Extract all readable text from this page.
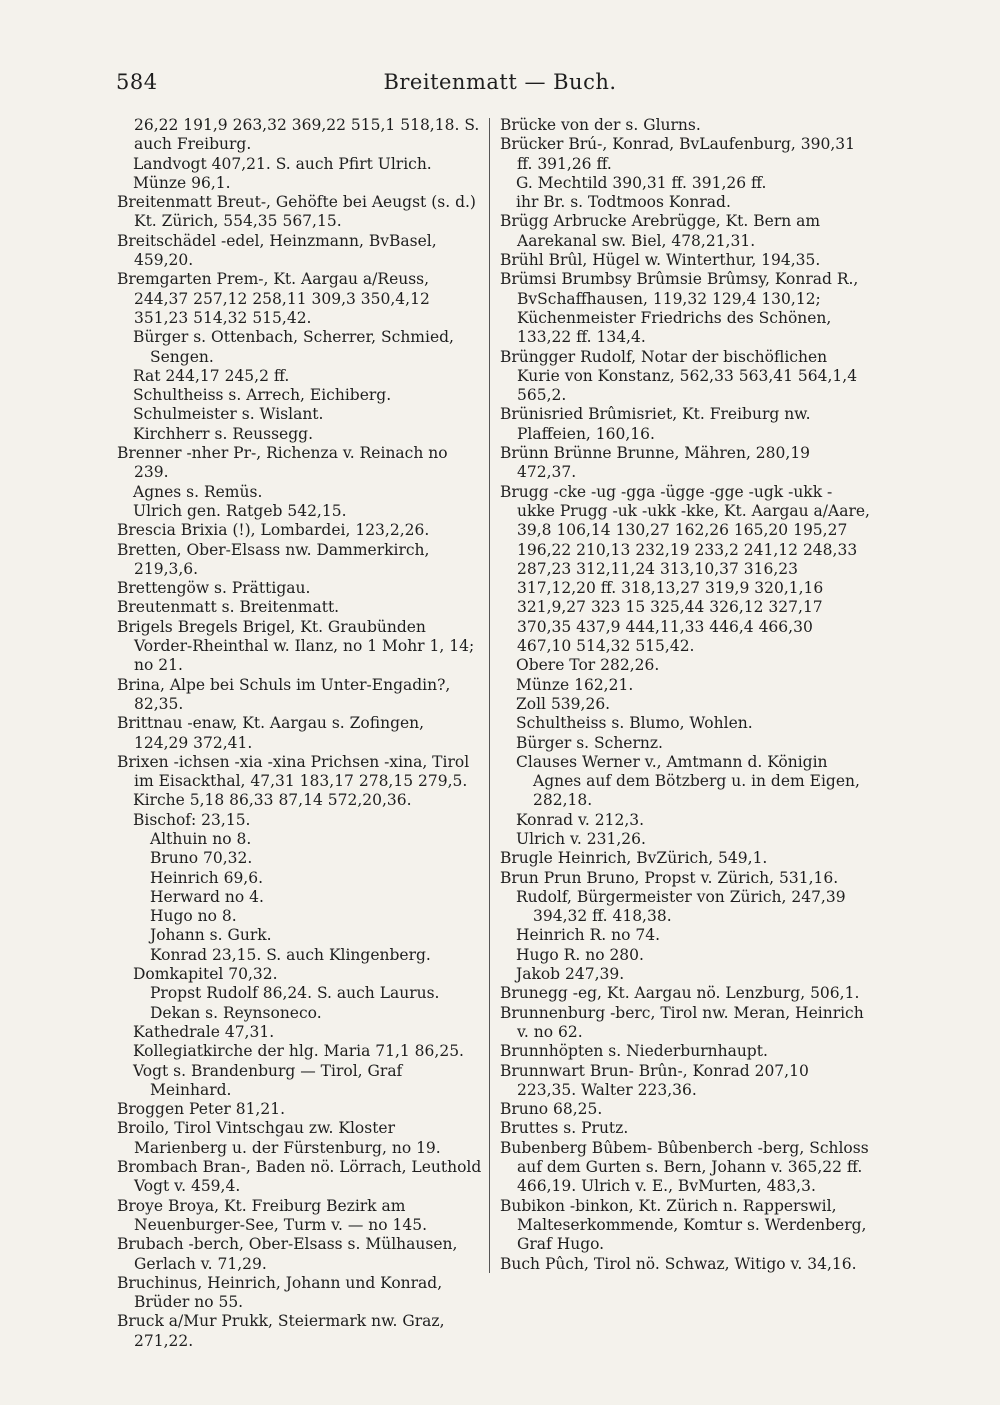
584	Breitenmatt — Buch.

26,22 191,9 263,32 369,22 515,1 518,18. S. auch Freiburg.

Landvogt 407,21. S. auch Pfirt Ulrich.

Münze 96,1.

Breitenmatt Breut-, Gehöfte bei Aeugst (s. d.) Kt. Zürich, 554,35 567,15.

Breitschädel -edel, Heinzmann, BvBasel, 459,20.

Bremgarten Prem-, Kt. Aargau a/Reuss, 244,37 257,12 258,11 309,3 350,4,12 351,23 514,32 515,42.

Bürger s. Ottenbach, Scherrer, Schmied, Sengen.

Rat 244,17 245,2 ff.

Schultheiss s. Arrech, Eichiberg.

Schulmeister s. Wislant.

Kirchherr s. Reussegg.

Brenner -nher Pr-, Richenza v. Reinach no 239.

Agnes s. Remüs.

Ulrich gen. Ratgeb 542,15.

Brescia Brixia (!), Lombardei, 123,2,26.

Bretten, Ober-Elsass nw. Dammerkirch, 219,3,6.

Brettengöw s. Prättigau.

Breutenmatt s. Breitenmatt.

Brigels Bregels Brigel, Kt. Graubünden Vorder-Rheinthal w. Ilanz, no 1 Mohr 1, 14; no 21.

Brina, Alpe bei Schuls im Unter-Engadin?, 82,35.

Brittnau -enaw, Kt. Aargau s. Zofingen, 124,29 372,41.

Brixen -ichsen -xia -xina Prichsen -xina, Tirol im Eisackthal, 47,31 183,17 278,15 279,5.

Kirche 5,18 86,33 87,14 572,20,36.

Bischof: 23,15.

Althuin no 8.

Bruno 70,32.

Heinrich 69,6.

Herward no 4.

Hugo no 8.

Johann s. Gurk.

Konrad 23,15. S. auch Klingenberg.

Domkapitel 70,32.

Propst Rudolf 86,24. S. auch Laurus.

Dekan s. Reynsoneco.

Kathedrale 47,31.

Kollegiatkirche der hlg. Maria 71,1 86,25.

Vogt s. Brandenburg — Tirol, Graf Meinhard.

Broggen Peter 81,21.

Broilo, Tirol Vintschgau zw. Kloster Marienberg u. der Fürstenburg, no 19.

Brombach Bran-, Baden nö. Lörrach, Leuthold Vogt v. 459,4.

Broye Broya, Kt. Freiburg Bezirk am Neuenburger-See, Turm v. — no 145.

Brubach -berch, Ober-Elsass s. Mülhausen, Gerlach v. 71,29.

Bruchinus, Heinrich, Johann und Konrad, Brüder no 55.

Bruck a/Mur Prukk, Steiermark nw. Graz, 271,22.

Brücke von der s. Glurns.

Brücker Brú-, Konrad, BvLaufenburg, 390,31 ff. 391,26 ff.

G. Mechtild 390,31 ff. 391,26 ff.

ihr Br. s. Todtmoos Konrad.

Brügg Arbrucke Arebrügge, Kt. Bern am Aarekanal sw. Biel, 478,21,31.

Brühl Brûl, Hügel w. Winterthur, 194,35.

Brümsi Brumbsy Brûmsie Brûmsy, Konrad R., BvSchaffhausen, 119,32 129,4 130,12; Küchenmeister Friedrichs des Schönen, 133,22 ff. 134,4.

Brüngger Rudolf, Notar der bischöflichen Kurie von Konstanz, 562,33 563,41 564,1,4 565,2.

Brünisried Brûmisriet, Kt. Freiburg nw. Plaffeien, 160,16.

Brünn Brünne Brunne, Mähren, 280,19 472,37.

Brugg -cke -ug -gga -ügge -gge -ugk -ukk -ukke Prugg -uk -ukk -kke, Kt. Aargau a/Aare, 39,8 106,14 130,27 162,26 165,20 195,27 196,22 210,13 232,19 233,2 241,12 248,33 287,23 312,11,24 313,10,37 316,23 317,12,20 ff. 318,13,27 319,9 320,1,16 321,9,27 323 15 325,44 326,12 327,17 370,35 437,9 444,11,33 446,4 466,30 467,10 514,32 515,42.

Obere Tor 282,26.

Münze 162,21.

Zoll 539,26.

Schultheiss s. Blumo, Wohlen.

Bürger s. Schernz.

Clauses Werner v., Amtmann d. Königin Agnes auf dem Bötzberg u. in dem Eigen, 282,18.

Konrad v. 212,3.

Ulrich v. 231,26.

Brugle Heinrich, BvZürich, 549,1.

Brun Prun Bruno, Propst v. Zürich, 531,16.

Rudolf, Bürgermeister von Zürich, 247,39 394,32 ff. 418,38.

Heinrich R. no 74.

Hugo R. no 280.

Jakob 247,39.

Brunegg -eg, Kt. Aargau nö. Lenzburg, 506,1.

Brunnenburg -berc, Tirol nw. Meran, Heinrich v. no 62.

Brunnhöpten s. Niederburnhaupt.

Brunnwart Brun- Brûn-, Konrad 207,10 223,35. Walter 223,36.

Bruno 68,25.

Bruttes s. Prutz.

Bubenberg Bûbem- Bûbenberch -berg, Schloss auf dem Gurten s. Bern, Johann v. 365,22 ff. 466,19. Ulrich v. E., BvMurten, 483,3.

Bubikon -binkon, Kt. Zürich n. Rapperswil, Malteserkommende, Komtur s. Werdenberg, Graf Hugo.

Buch Pûch, Tirol nö. Schwaz, Witigo v. 34,16.
